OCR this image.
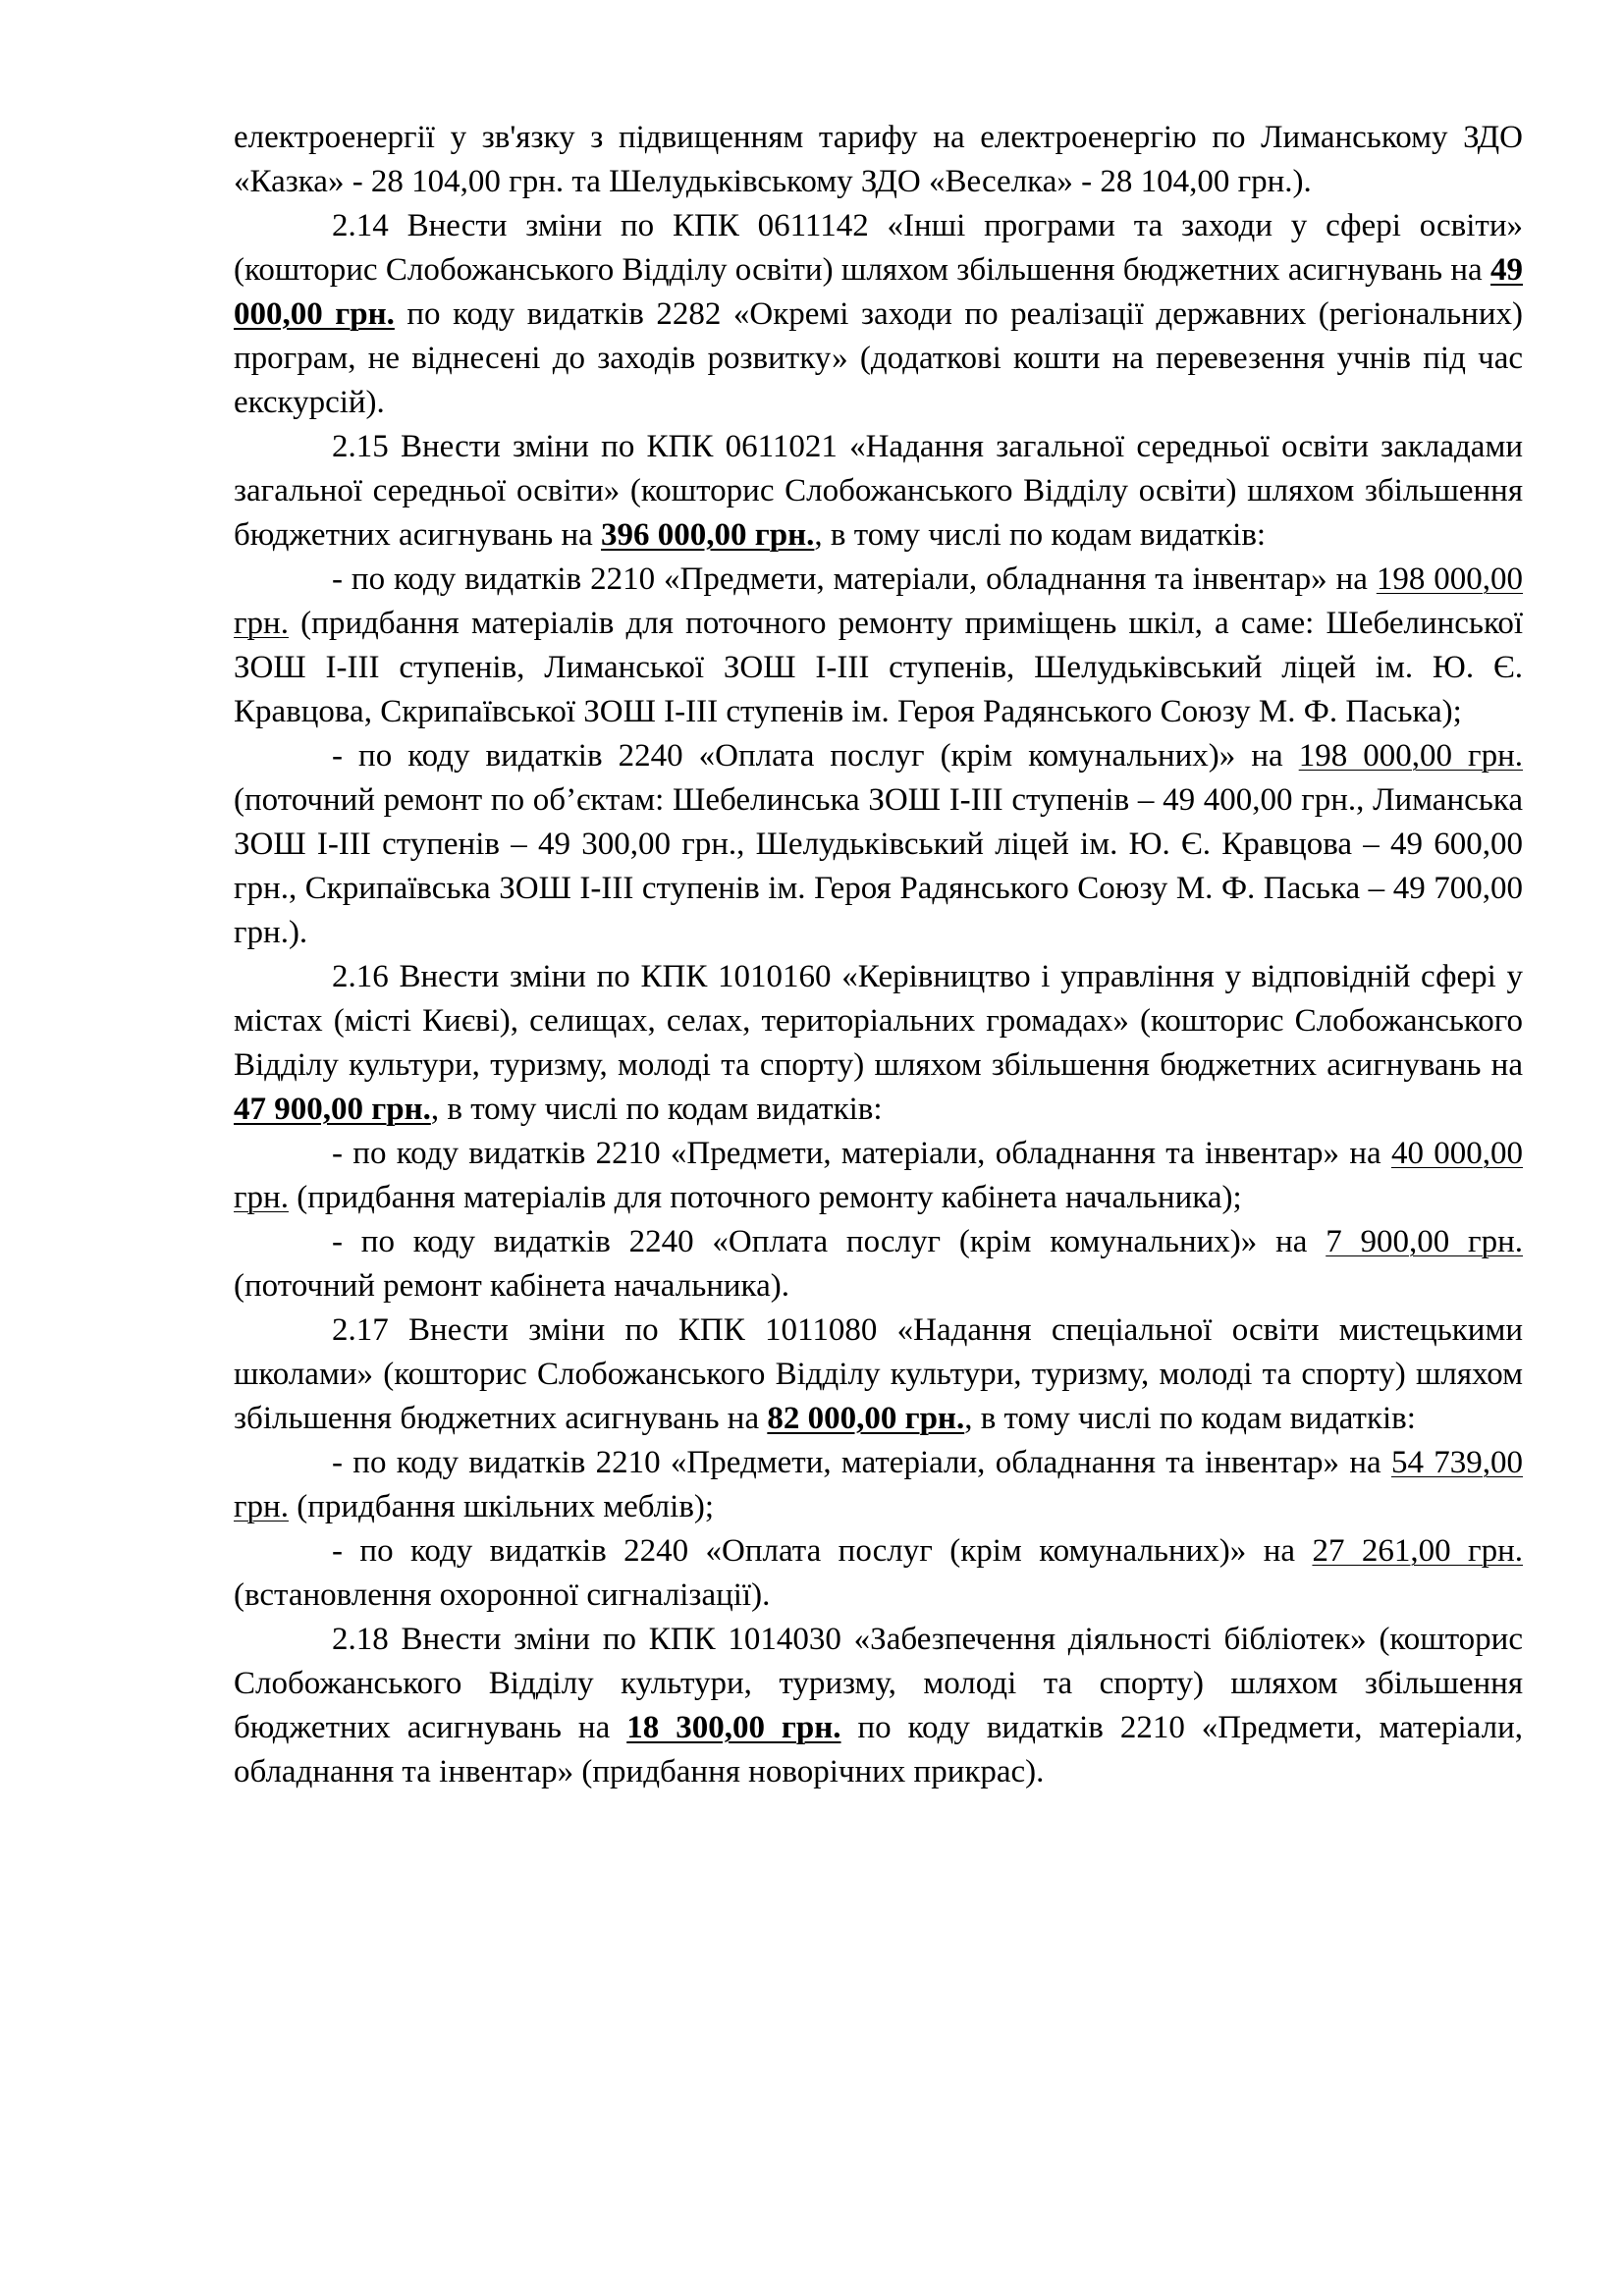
електроенергії у зв'язку з підвищенням тарифу на електроенергію по Лиманському ЗДО «Казка» - 28 104,00 грн. та Шелудьківському ЗДО «Веселка» - 28 104,00 грн.).

2.14 Внести зміни по КПК 0611142 «Інші програми та заходи у сфері освіти» (кошторис Слобожанського Відділу освіти) шляхом збільшення бюджетних асигнувань на 49 000,00 грн. по коду видатків 2282 «Окремі заходи по реалізації державних (регіональних) програм, не віднесені до заходів розвитку» (додаткові кошти на перевезення учнів під час екскурсій).

2.15 Внести зміни по КПК 0611021 «Надання загальної середньої освіти закладами загальної середньої освіти» (кошторис Слобожанського Відділу освіти) шляхом збільшення бюджетних асигнувань на 396 000,00 грн., в тому числі по кодам видатків:

- по коду видатків 2210 «Предмети, матеріали, обладнання та інвентар» на 198 000,00 грн. (придбання матеріалів для поточного ремонту приміщень шкіл, а саме: Шебелинської ЗОШ І-ІІІ ступенів, Лиманської ЗОШ І-ІІІ ступенів, Шелудьківський ліцей ім. Ю. Є. Кравцова, Скрипаївської ЗОШ І-ІІІ ступенів ім. Героя Радянського Союзу М. Ф. Паська);

- по коду видатків 2240 «Оплата послуг (крім комунальних)» на 198 000,00 грн. (поточний ремонт по об’єктам: Шебелинська ЗОШ І-ІІІ ступенів – 49 400,00 грн., Лиманська ЗОШ І-ІІІ ступенів – 49 300,00 грн., Шелудьківський ліцей ім. Ю. Є. Кравцова – 49 600,00 грн., Скрипаївська ЗОШ І-ІІІ ступенів ім. Героя Радянського Союзу М. Ф. Паська – 49 700,00 грн.).

2.16 Внести зміни по КПК 1010160 «Керівництво і управління у відповідній сфері у містах (місті Києві), селищах, селах, територіальних громадах» (кошторис Слобожанського Відділу культури, туризму, молоді та спорту) шляхом збільшення бюджетних асигнувань на 47 900,00 грн., в тому числі по кодам видатків:

- по коду видатків 2210 «Предмети, матеріали, обладнання та інвентар» на 40 000,00 грн. (придбання матеріалів для поточного ремонту кабінета начальника);

- по коду видатків 2240 «Оплата послуг (крім комунальних)» на 7 900,00 грн. (поточний ремонт кабінета начальника).

2.17 Внести зміни по КПК 1011080 «Надання спеціальної освіти мистецькими школами» (кошторис Слобожанського Відділу культури, туризму, молоді та спорту) шляхом збільшення бюджетних асигнувань на 82 000,00 грн., в тому числі по кодам видатків:

- по коду видатків 2210 «Предмети, матеріали, обладнання та інвентар» на 54 739,00 грн. (придбання шкільних меблів);

- по коду видатків 2240 «Оплата послуг (крім комунальних)» на 27 261,00 грн. (встановлення охоронної сигналізації).

2.18 Внести зміни по КПК 1014030 «Забезпечення діяльності бібліотек» (кошторис Слобожанського Відділу культури, туризму, молоді та спорту) шляхом збільшення бюджетних асигнувань на 18 300,00 грн. по коду видатків 2210 «Предмети, матеріали, обладнання та інвентар» (придбання новорічних прикрас).
